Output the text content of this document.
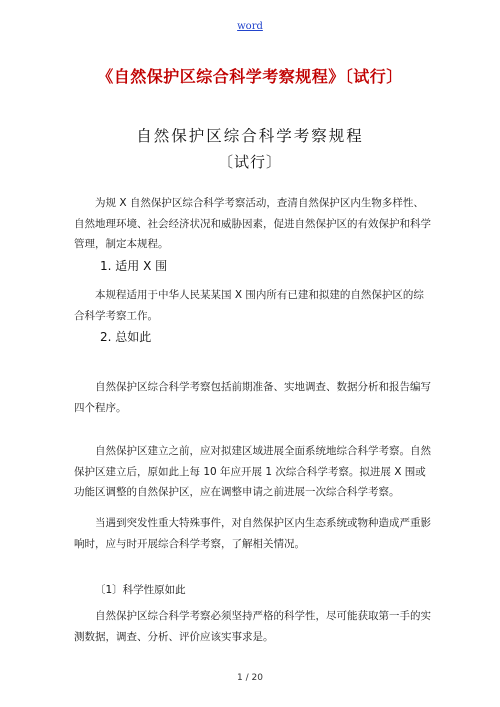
word
《自然保护区综合科学考察规程》〔试行〕
自然保护区综合科学考察规程
〔试行〕

为规 X 自然保护区综合科学考察活动，查清自然保护区内生物多样性、自然地理环境、社会经济状况和威胁因素，促进自然保护区的有效保护和科学管理，制定本规程。

1. 适用 X 围

本规程适用于中华人民某某国 X 围内所有已建和拟建的自然保护区的综合科学考察工作。

2. 总如此

自然保护区综合科学考察包括前期准备、实地调查、数据分析和报告编写四个程序。

自然保护区建立之前，应对拟建区域进展全面系统地综合科学考察。自然保护区建立后，原如此上每 10 年应开展 1 次综合科学考察。拟进展 X 围或功能区调整的自然保护区，应在调整申请之前进展一次综合科学考察。

当遇到突发性重大特殊事件，对自然保护区内生态系统或物种造成严重影响时，应与时开展综合科学考察，了解相关情况。

〔1〕科学性原如此

自然保护区综合科学考察必须坚持严格的科学性，尽可能获取第一手的实测数据，调查、分析、评价应该实事求是。

1 / 20
